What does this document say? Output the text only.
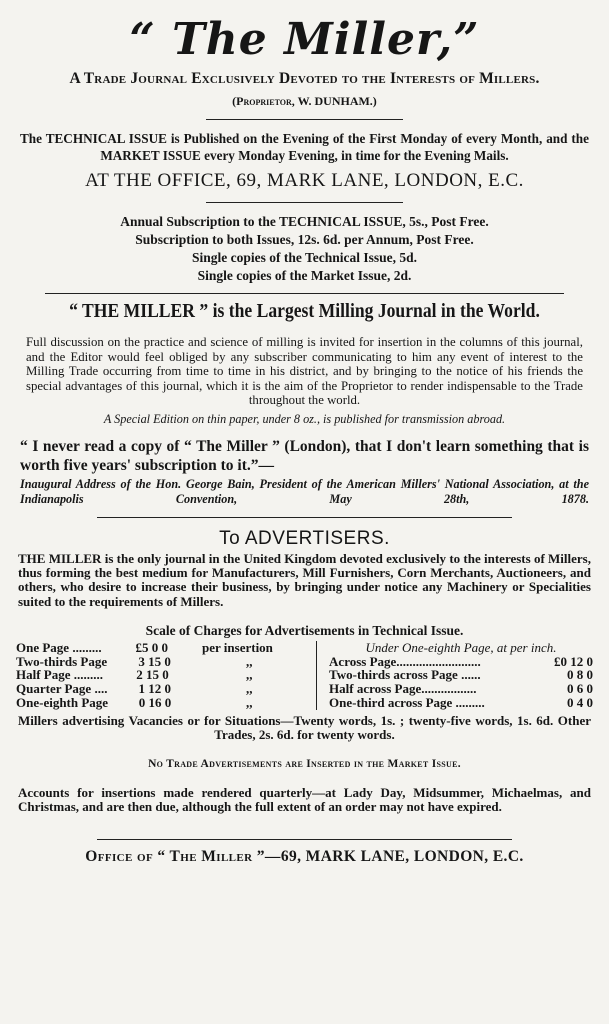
“ The Miller,”
A Trade Journal Exclusively Devoted to the Interests of Millers.
(Proprietor, W. DUNHAM.)
The TECHNICAL ISSUE is Published on the Evening of the First Monday of every Month, and the MARKET ISSUE every Monday Evening, in time for the Evening Mails.
AT THE OFFICE, 69, MARK LANE, LONDON, E.C.
Annual Subscription to the TECHNICAL ISSUE, 5s., Post Free.
Subscription to both Issues, 12s. 6d. per Annum, Post Free.
Single copies of the Technical Issue, 5d.
Single copies of the Market Issue, 2d.
“ THE MILLER ” is the Largest Milling Journal in the World.
Full discussion on the practice and science of milling is invited for insertion in the columns of this journal, and the Editor would feel obliged by any subscriber communicating to him any event of interest to the Milling Trade occurring from time to time in his district, and by bringing to the notice of his friends the special advantages of this journal, which it is the aim of the Proprietor to render indispensable to the Trade throughout the world.
A Special Edition on thin paper, under 8 oz., is published for transmission abroad.
“ I never read a copy of “ The Miller ” (London), that I don't learn something that is worth five years' subscription to it.”—
Inaugural Address of the Hon. George Bain, President of the American Millers' National Association, at the Indianapolis Convention, May 28th, 1878.
To ADVERTISERS.
THE MILLER is the only journal in the United Kingdom devoted exclusively to the interests of Millers, thus forming the best medium for Manufacturers, Mill Furnishers, Corn Merchants, Auctioneers, and others, who desire to increase their business, by bringing under notice any Machinery or Specialities suited to the requirements of Millers.
Scale of Charges for Advertisements in Technical Issue.
One Page .........	£5 0 0	per insertion
Two-thirds Page 3 15 0	,,
Half Page .........	2 15 0	,,
Quarter Page .... 1 12 0	,,
One-eighth Page 0 16 0	,,
Under One-eighth Page, at per inch.
Across Page..........................	£0 12 0
Two-thirds across Page ......	0 8 0
Half across Page.................	0 6 0
One-third across Page .........	0 4 0
Millers advertising Vacancies or for Situations—Twenty words, 1s. ; twenty-five words, 1s. 6d. Other Trades, 2s. 6d. for twenty words.
No Trade Advertisements are Inserted in the Market Issue.
Accounts for insertions made rendered quarterly—at Lady Day, Midsummer, Michaelmas, and Christmas, and are then due, although the full extent of an order may not have expired.
Office of “ The Miller ”—69, MARK LANE, LONDON, E.C.
